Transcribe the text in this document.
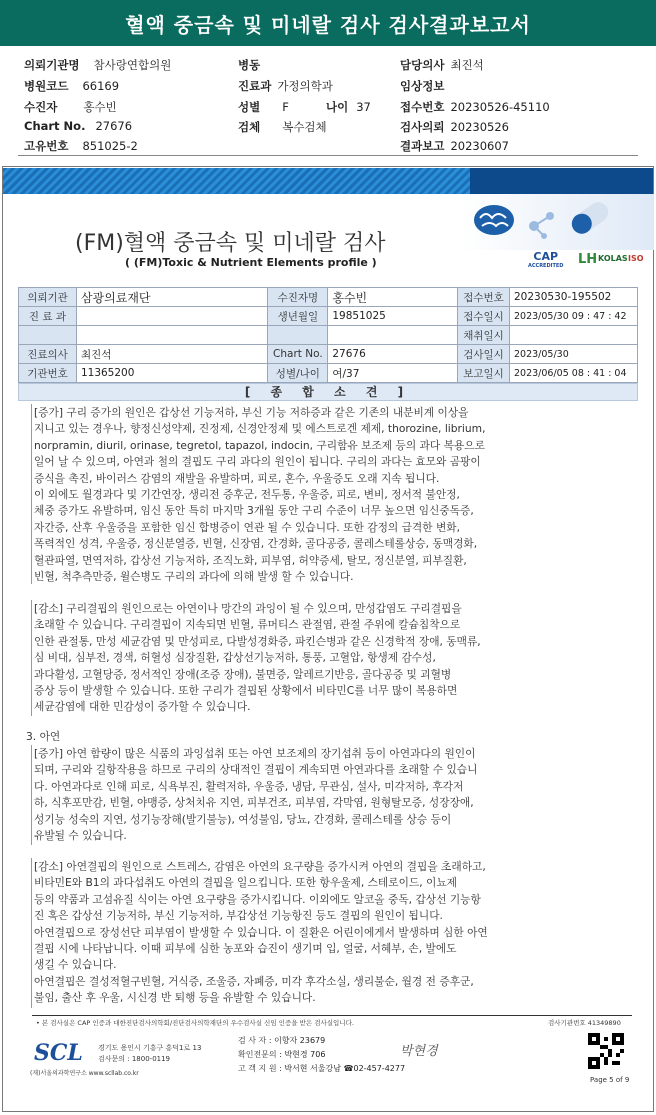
혈액 중금속 및 미네랄 검사 검사결과보고서
의뢰기관명 참사랑연합의원
병원코드 66169
수진자 홍수빈
Chart No. 27676
고유번호 851025-2
병동
진료과 가정의학과
성별 F	나이 37
검체 복수검체
담당의사 최진석
임상정보
접수번호 20230526-45110
검사의뢰 20230526
결과보고 20230607
(FM)혈액 중금속 및 미네랄 검사
( (FM)Toxic & Nutrient Elements profile )	CAP
ACCREDITED LH KOLAS ISO
의뢰기관	삼광의료재단	수진자명	홍수빈	접수번호	20230530-195502
진 료 과		생년월일	19851025	접수일시	2023/05/30 09 : 47 : 42
				채취일시	
진료의사	최진석	Chart No.	27676	검사일시	2023/05/30
기관번호	11365200	성별/나이	여/37	보고일시	2023/06/05 08 : 41 : 04
[ 종 합 소 견 ]

[증가] 구리 증가의 원인은 갑상선 기능저하, 부신 기능 저하증과 같은 기존의 내분비계 이상을

지니고 있는 경우나, 향정신성약제, 진정제, 신경안정제 및 에스트로겐 제제, thorozine, librium,

norpramin, diuril, orinase, tegretol, tapazol, indocin, 구리함유 보조제 등의 과다 복용으로

일어 날 수 있으며, 아연과 철의 결핍도 구리 과다의 원인이 됩니다. 구리의 과다는 효모와 곰팡이

증식을 촉진, 바이러스 감염의 재발을 유발하며, 피로, 혼수, 우울증도 오래 지속 됩니다.

이 외에도 월경과다 및 기간연장, 생리전 증후군, 전두통, 우울증, 피로, 변비, 정서적 불안정,

체중 증가도 유발하며, 임신 동안 특히 마지막 3개월 동안 구리 수준이 너무 높으면 임신중독증,

자간증, 산후 우울증을 포함한 임신 합병증이 연관 될 수 있습니다. 또한 감정의 급격한 변화,

폭력적인 성격, 우울증, 정신분열증, 빈혈, 신장염, 간경화, 골다공증, 콜레스테롤상승, 동맥경화,

혈관파열, 면역저하, 갑상선 기능저하, 조직노화, 피부염, 허약증세, 탈모, 정신분열, 피부질환,

빈혈, 척추측만증, 윌슨병도 구리의 과다에 의해 발생 할 수 있습니다.

[감소] 구리결핍의 원인으로는 아연이나 망간의 과잉이 될 수 있으며, 만성갑염도 구리결핍을

초래할 수 있습니다. 구리결핍이 지속되면 빈혈, 류머티스 관절염, 관절 주위에 칼슘침착으로

인한 관절통, 만성 세균감염 및 만성피로, 다발성경화증, 파킨슨병과 같은 신경학적 장애, 동맥류,

심 비대, 심부전, 경색, 허혈성 심장질환, 갑상선기능저하, 통풍, 고혈압, 항생제 감수성,

과다활성, 고혈당증, 정서적인 장애(조증 장애), 불면증, 알레르기반응, 골다공증 및 괴혈병

증상 등이 발생할 수 있습니다. 또한 구리가 결핍된 상황에서 비타민C를 너무 많이 복용하면

세균감염에 대한 민감성이 증가할 수 있습니다.

3. 아연

[증가] 아연 함량이 많은 식품의 과잉섭취 또는 아연 보조제의 장기섭취 등이 아연과다의 원인이

되며, 구리와 길항작용을 하므로 구리의 상대적인 결핍이 계속되면 아연과다를 초래할 수 있습니

다. 아연과다로 인해 피로, 식욕부진, 활력저하, 우울증, 냉담, 무관심, 설사, 미각저하, 후각저

하, 식후포만감, 빈혈, 야맹증, 상처치유 지연, 피부건조, 피부염, 각막염, 원형탈모증, 성장장애,

성기능 성숙의 지연, 성기능장해(발기불능), 여성불임, 당뇨, 간경화, 콜레스테롤 상승 등이

유발될 수 있습니다.

[감소] 아연결핍의 원인으로 스트레스, 감염은 아연의 요구량을 증가시켜 아연의 결핍을 초래하고,

비타민E와 B1의 과다섭취도 아연의 결핍을 일으킵니다. 또한 항우울제, 스테로이드, 이뇨제

등의 약품과 고섬유질 식이는 아연 요구량을 증가시킵니다. 이외에도 알코올 중독, 갑상선 기능항

진 혹은 갑상선 기능저하, 부신 기능저하, 부갑상선 기능항진 등도 결핍의 원인이 됩니다.

아연결핍으로 장성선단 피부염이 발생할 수 있습니다. 이 질환은 어린이에게서 발생하며 심한 아연

결핍 시에 나타납니다. 이때 피부에 심한 농포와 습진이 생기며 입, 얼굴, 서혜부, 손, 발에도

생길 수 있습니다.

아연결핍은 결성적혈구빈혈, 거식증, 조울증, 자폐증, 미각 후각소실, 생리불순, 월경 전 증후군,

불임, 출산 후 우울, 시신경 반 퇴행 등을 유발할 수 있습니다.

• 본 검사실은 CAP 인증과 대한진단검사의학회/진단검사의학재단의 우수검사실 신임 인증을 받은 검사실입니다.	검사기관번호 41349890
SCL
(재)서울의과학연구소 www.scllab.co.kr
경기도 용인시 기흥구 흥덕1로 13
검사문의 : 1800-0119
검 사 자 : 이향자 23679
확인전문의 : 박현경 706
고 객 지 원 : 박서현 서울강남 ☎02-457-4277
박현경
Page 5 of 9
